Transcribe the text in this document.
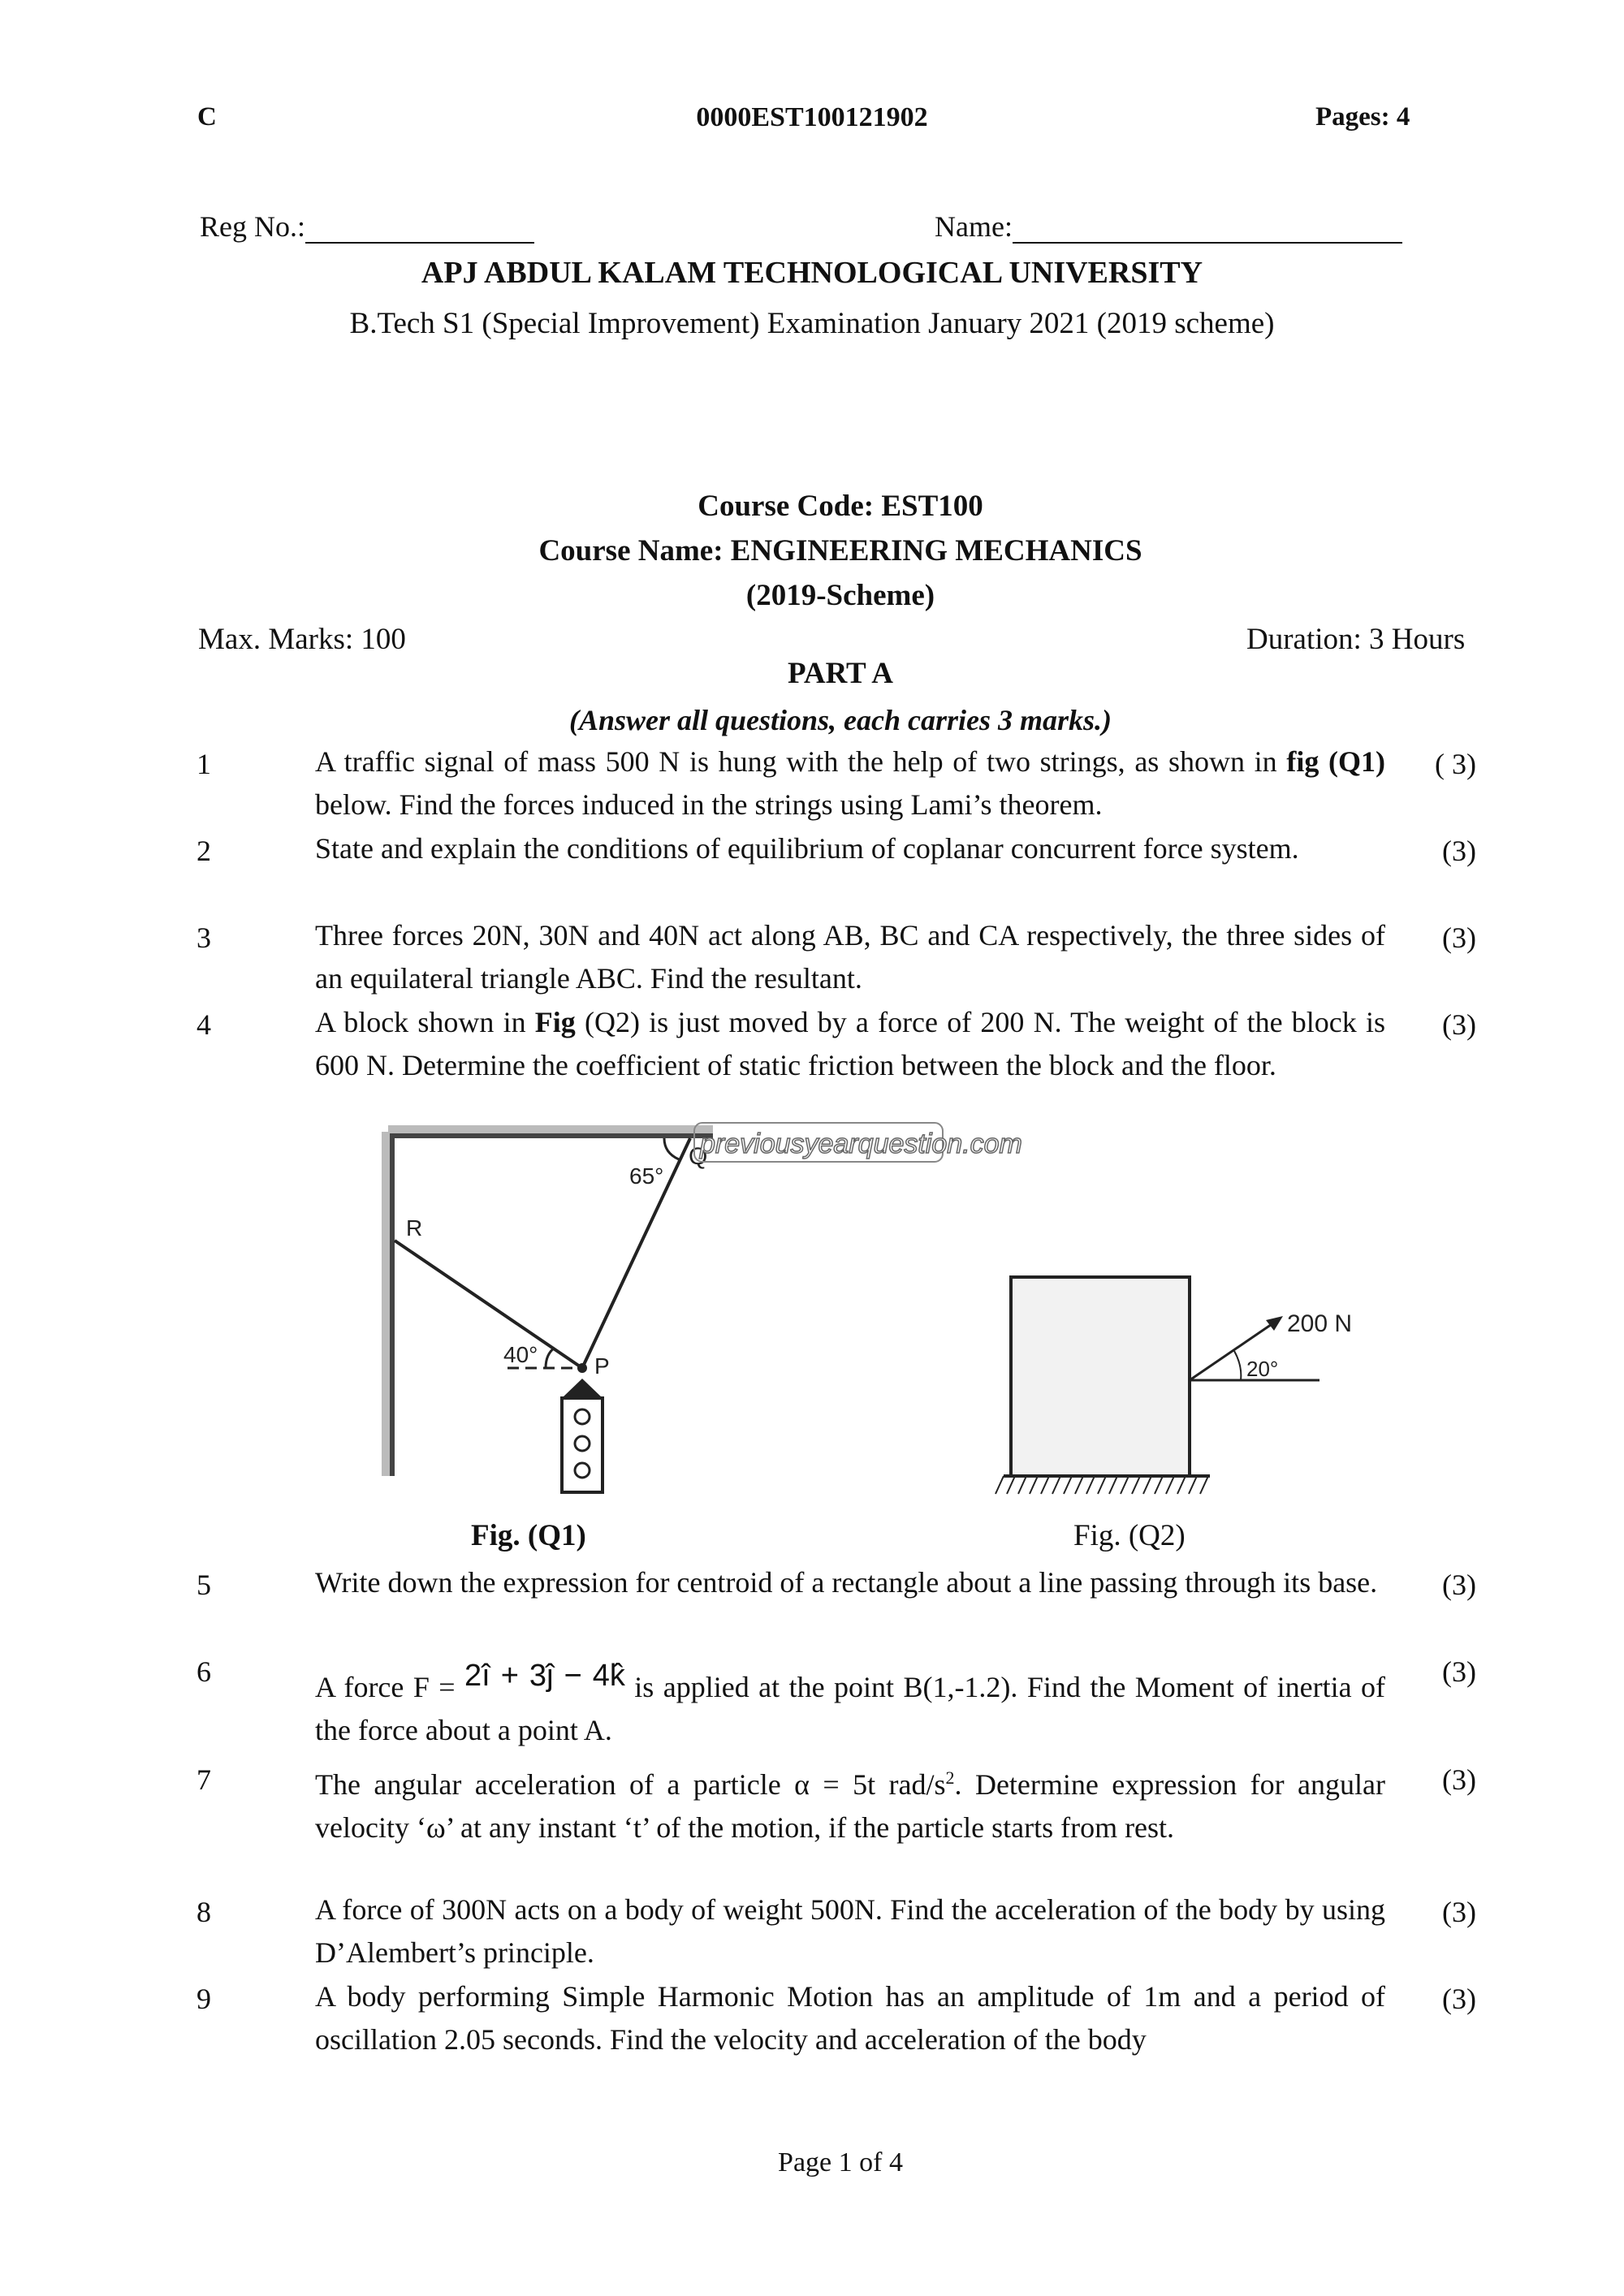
C	0000EST100121902	Pages: 4
Reg No.:	Name:
APJ ABDUL KALAM TECHNOLOGICAL UNIVERSITY
B.Tech S1 (Special Improvement) Examination January 2021 (2019 scheme)
Course Code: EST100
Course Name: ENGINEERING MECHANICS
(2019-Scheme)
Max. Marks: 100	Duration: 3 Hours
PART A
(Answer all questions, each carries 3 marks.)
1	A traffic signal of mass 500 N is hung with the help of two strings, as shown in fig (Q1) below. Find the forces induced in the strings using Lami’s theorem.
( 3)
2	State and explain the conditions of equilibrium of coplanar concurrent force system.	(3)
3	Three forces 20N, 30N and 40N act along AB, BC and CA respectively, the three sides of an equilateral triangle ABC. Find the resultant.
(3)
4	A block shown in Fig (Q2) is just moved by a force of 200 N. The weight of the block is 600 N. Determine the coefficient of static friction between the block and the floor.
(3)
65°
40°
Q
R
P
previousyearquestion.com
200 N
20°
Fig. (Q1)	Fig. (Q2)
5	Write down the expression for centroid of a rectangle about a line passing through its base.	(3)
6	A force F = 2î + 3ĵ − 4k̂ is applied at the point B(1,-1.2). Find the Moment of inertia of the force about a point A.
(3)
7	The angular acceleration of a particle α = 5t rad/$s^2$. Determine expression for angular velocity ‘ω’ at any instant ‘t’ of the motion, if the particle starts from rest.
(3)
8	A force of 300N acts on a body of weight 500N. Find the acceleration of the body by using D’Alembert’s principle.
(3)
9	A body performing Simple Harmonic Motion has an amplitude of 1m and a period of oscillation 2.05 seconds. Find the velocity and acceleration of the body
(3)
Page 1 of 4
